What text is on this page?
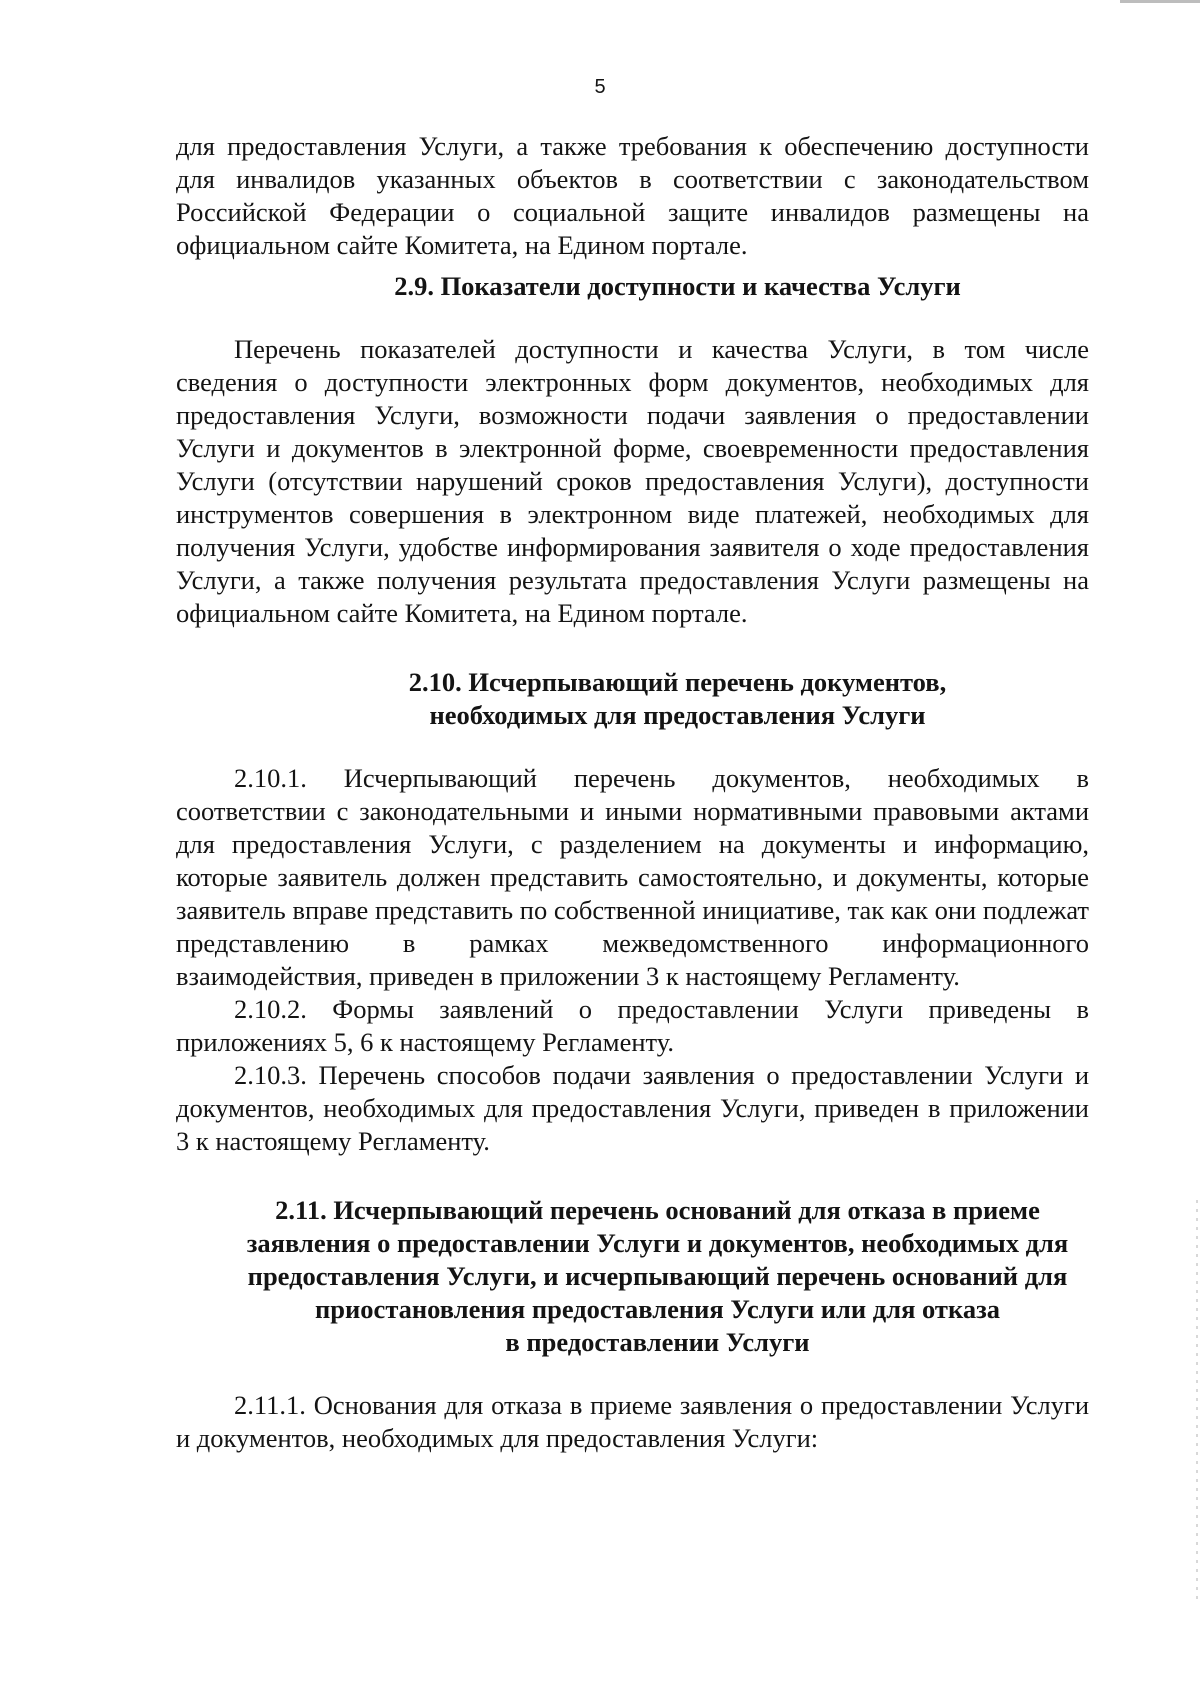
5

для предоставления Услуги, а также требования к обеспечению доступности для инвалидов указанных объектов в соответствии с законодательством Российской Федерации о социальной защите инвалидов размещены на официальном сайте Комитета, на Едином портале.

2.9. Показатели доступности и качества Услуги

Перечень показателей доступности и качества Услуги, в том числе сведения о доступности электронных форм документов, необходимых для предоставления Услуги, возможности подачи заявления о предоставлении Услуги и документов в электронной форме, своевременности предоставления Услуги (отсутствии нарушений сроков предоставления Услуги), доступности инструментов совершения в электронном виде платежей, необходимых для получения Услуги, удобстве информирования заявителя о ходе предоставления Услуги, а также получения результата предоставления Услуги размещены на официальном сайте Комитета, на Едином портале.

2.10. Исчерпывающий перечень документов,
необходимых для предоставления Услуги

2.10.1. Исчерпывающий перечень документов, необходимых в соответствии с законодательными и иными нормативными правовыми актами для предоставления Услуги, с разделением на документы и информацию, которые заявитель должен представить самостоятельно, и документы, которые заявитель вправе представить по собственной инициативе, так как они подлежат представлению в рамках межведомственного информационного взаимодействия, приведен в приложении 3 к настоящему Регламенту.

2.10.2. Формы заявлений о предоставлении Услуги приведены в приложениях 5, 6 к настоящему Регламенту.

2.10.3. Перечень способов подачи заявления о предоставлении Услуги и документов, необходимых для предоставления Услуги, приведен в приложении 3 к настоящему Регламенту.

2.11. Исчерпывающий перечень оснований для отказа в приеме
заявления о предоставлении Услуги и документов, необходимых для
предоставления Услуги, и исчерпывающий перечень оснований для
приостановления предоставления Услуги или для отказа
в предоставлении Услуги

2.11.1. Основания для отказа в приеме заявления о предоставлении Услуги и документов, необходимых для предоставления Услуги:
